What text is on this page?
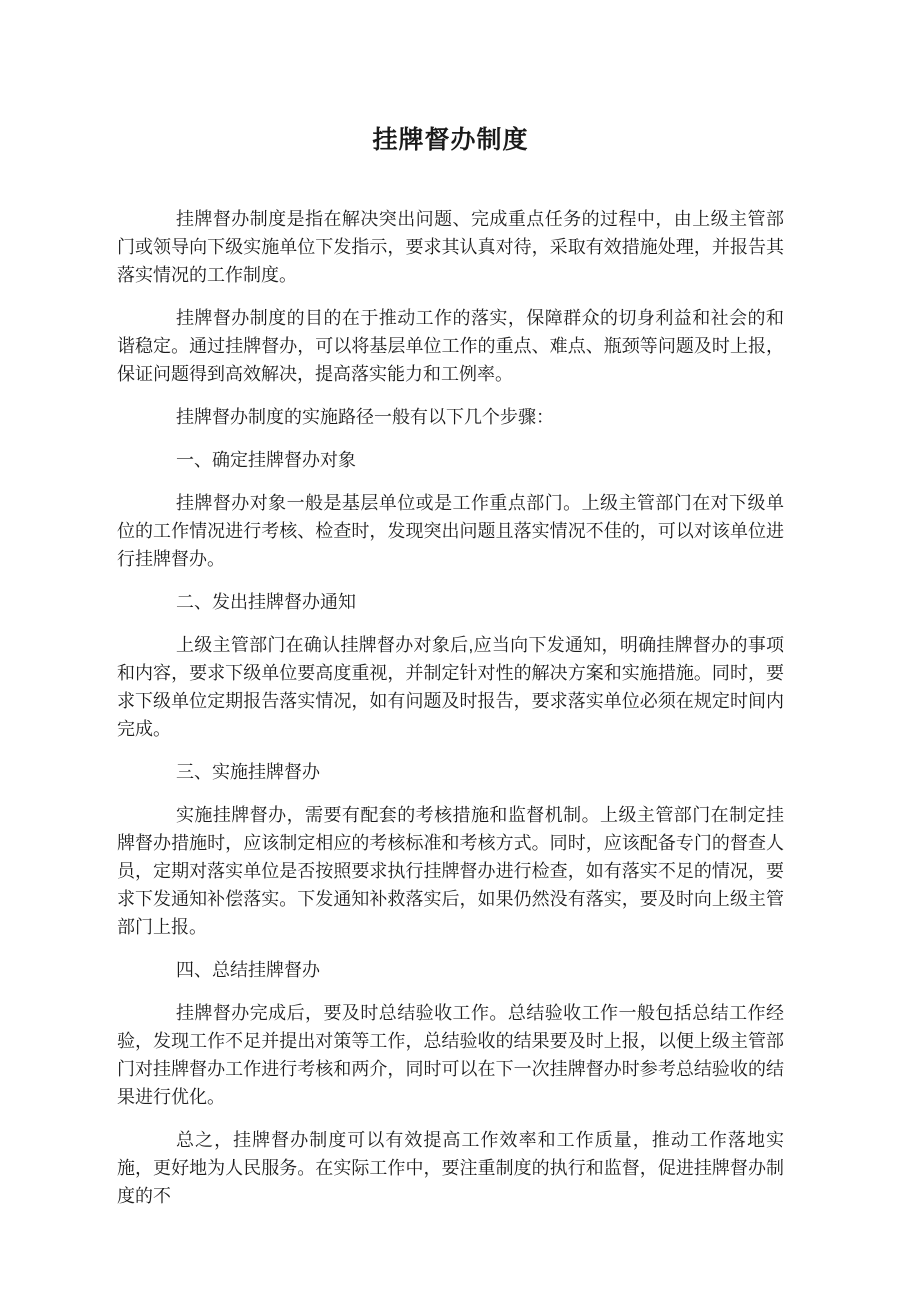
挂牌督办制度

挂牌督办制度是指在解决突出问题、完成重点任务的过程中，由上级主管部门或领导向下级实施单位下发指示，要求其认真对待，采取有效措施处理，并报告其落实情况的工作制度。

挂牌督办制度的目的在于推动工作的落实，保障群众的切身利益和社会的和谐稳定。通过挂牌督办，可以将基层单位工作的重点、难点、瓶颈等问题及时上报，保证问题得到高效解决，提高落实能力和工例率。

挂牌督办制度的实施路径一般有以下几个步骤：

一、确定挂牌督办对象

挂牌督办对象一般是基层单位或是工作重点部门。上级主管部门在对下级单位的工作情况进行考核、检查时，发现突出问题且落实情况不佳的，可以对该单位进行挂牌督办。

二、发出挂牌督办通知

上级主管部门在确认挂牌督办对象后,应当向下发通知，明确挂牌督办的事项和内容，要求下级单位要高度重视，并制定针对性的解决方案和实施措施。同时，要求下级单位定期报告落实情况，如有问题及时报告，要求落实单位必须在规定时间内完成。

三、实施挂牌督办

实施挂牌督办，需要有配套的考核措施和监督机制。上级主管部门在制定挂牌督办措施时，应该制定相应的考核标准和考核方式。同时，应该配备专门的督查人员，定期对落实单位是否按照要求执行挂牌督办进行检查，如有落实不足的情况，要求下发通知补偿落实。下发通知补救落实后，如果仍然没有落实，要及时向上级主管部门上报。

四、总结挂牌督办

挂牌督办完成后，要及时总结验收工作。总结验收工作一般包括总结工作经验，发现工作不足并提出对策等工作，总结验收的结果要及时上报，以便上级主管部门对挂牌督办工作进行考核和两介，同时可以在下一次挂牌督办时参考总结验收的结果进行优化。

总之，挂牌督办制度可以有效提高工作效率和工作质量，推动工作落地实施，更好地为人民服务。在实际工作中，要注重制度的执行和监督，促进挂牌督办制度的不
